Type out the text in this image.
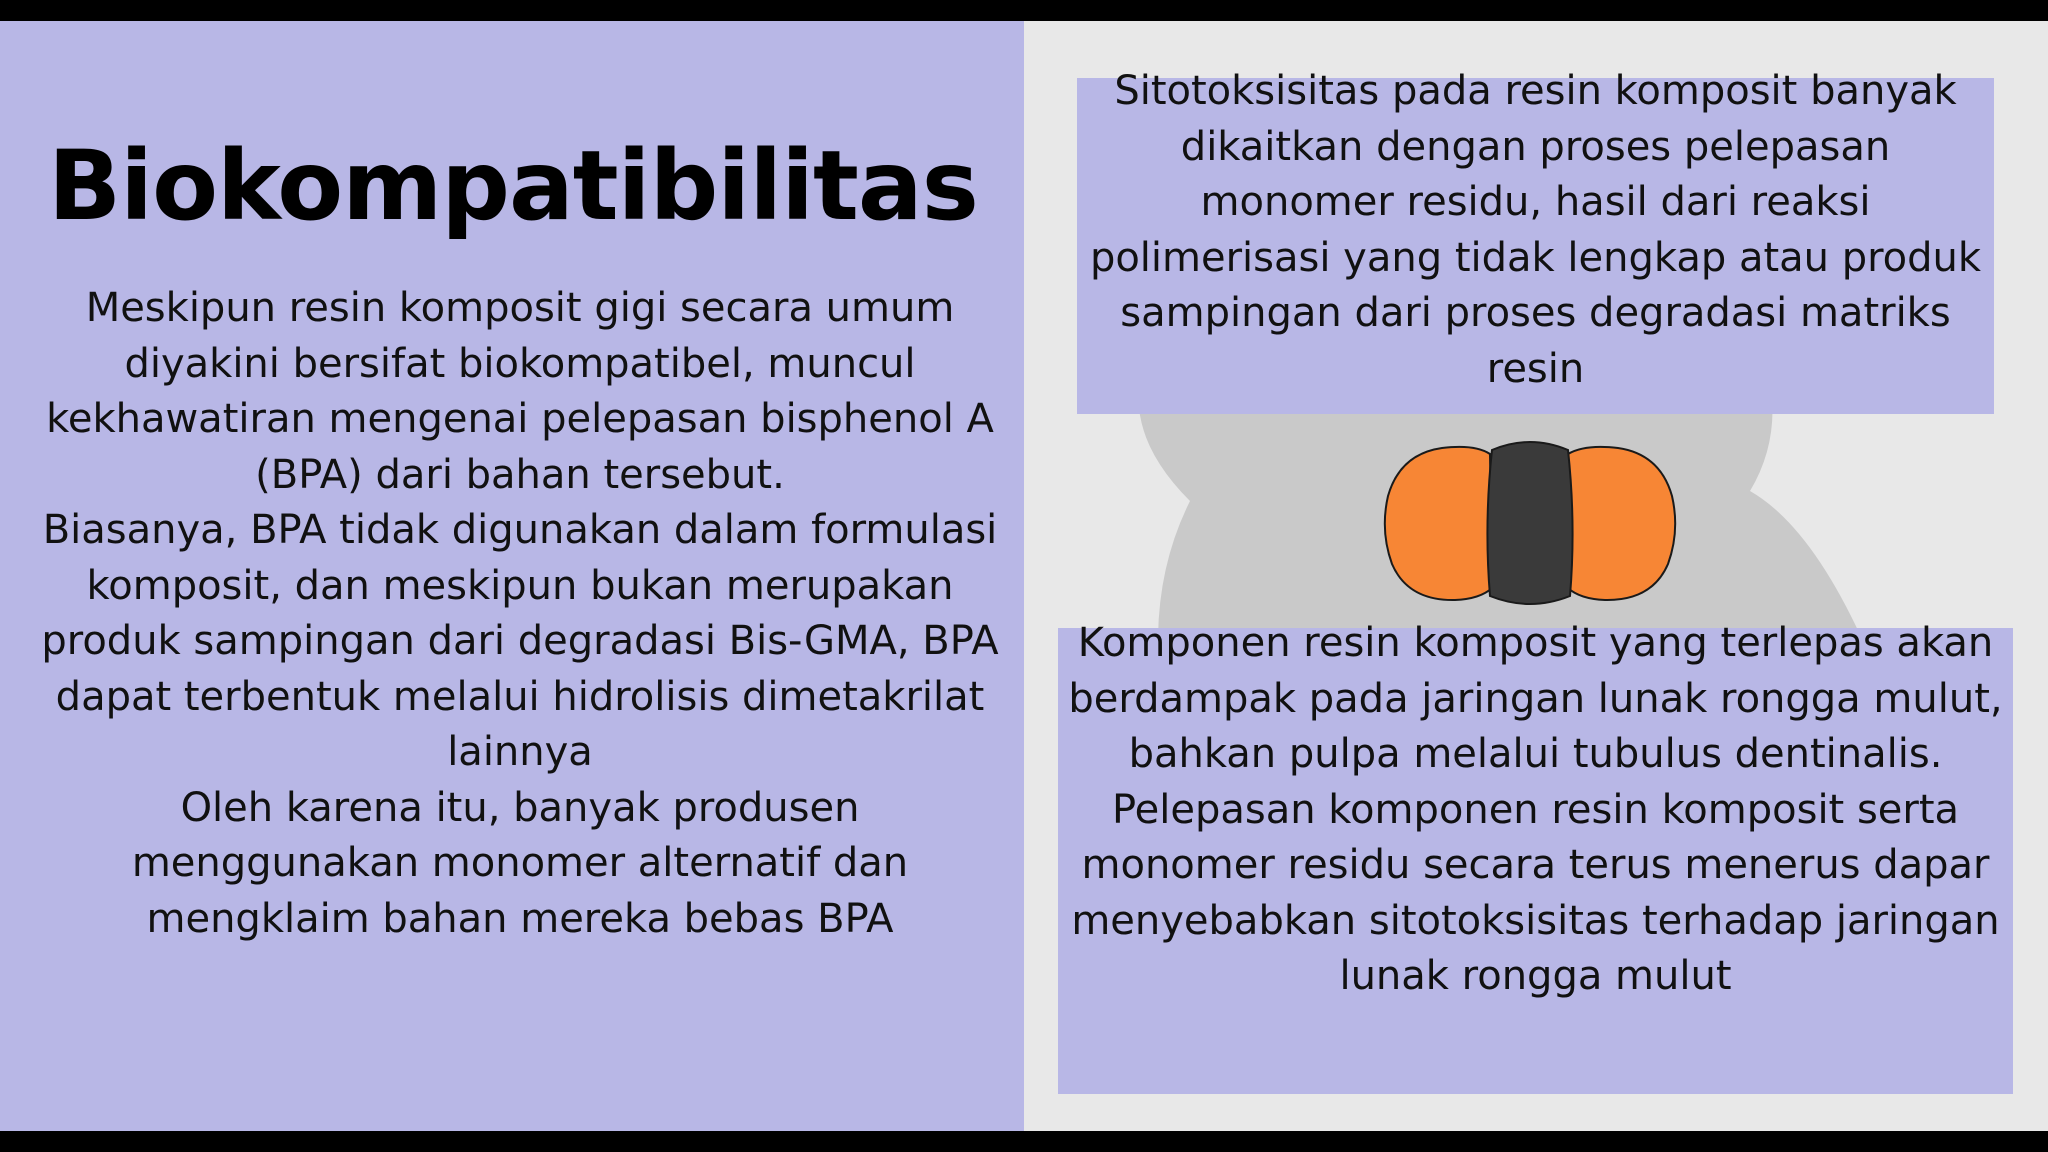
Biokompatibilitas

Meskipun resin komposit gigi secara umum diyakini bersifat biokompatibel, muncul kekhawatiran mengenai pelepasan bisphenol A (BPA) dari bahan tersebut.

Biasanya, BPA tidak digunakan dalam formulasi komposit, dan meskipun bukan merupakan produk sampingan dari degradasi Bis-GMA, BPA dapat terbentuk melalui hidrolisis dimetakrilat lainnya

Oleh karena itu, banyak produsen menggunakan monomer alternatif dan mengklaim bahan mereka bebas BPA

Sitotoksisitas pada resin komposit banyak dikaitkan dengan proses pelepasan monomer residu, hasil dari reaksi polimerisasi yang tidak lengkap atau produk sampingan dari proses degradasi matriks resin

Komponen resin komposit yang terlepas akan berdampak pada jaringan lunak rongga mulut, bahkan pulpa melalui tubulus dentinalis. Pelepasan komponen resin komposit serta monomer residu secara terus menerus dapar menyebabkan sitotoksisitas terhadap jaringan lunak rongga mulut
